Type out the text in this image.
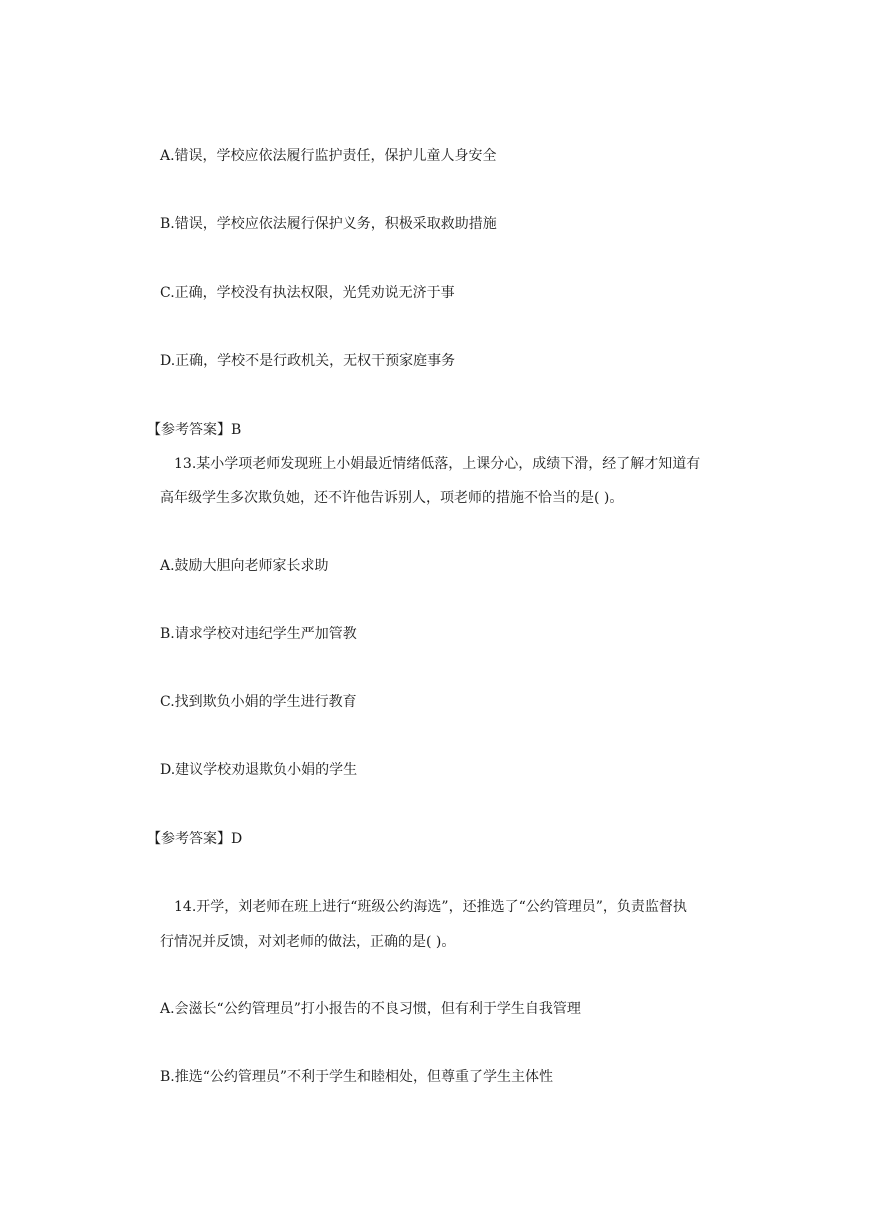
A.错误，学校应依法履行监护责任，保护儿童人身安全
B.错误，学校应依法履行保护义务，积极采取救助措施
C.正确，学校没有执法权限，光凭劝说无济于事
D.正确，学校不是行政机关，无权干预家庭事务
【参考答案】B
13.某小学项老师发现班上小娟最近情绪低落，上课分心，成绩下滑，经了解才知道有
高年级学生多次欺负她，还不许他告诉别人，项老师的措施不恰当的是( )。
A.鼓励大胆向老师家长求助
B.请求学校对违纪学生严加管教
C.找到欺负小娟的学生进行教育
D.建议学校劝退欺负小娟的学生
【参考答案】D
14.开学，刘老师在班上进行“班级公约海选”，还推选了“公约管理员”，负责监督执
行情况并反馈，对刘老师的做法，正确的是( )。
A.会滋长“公约管理员”打小报告的不良习惯，但有利于学生自我管理
B.推选“公约管理员”不利于学生和睦相处，但尊重了学生主体性
